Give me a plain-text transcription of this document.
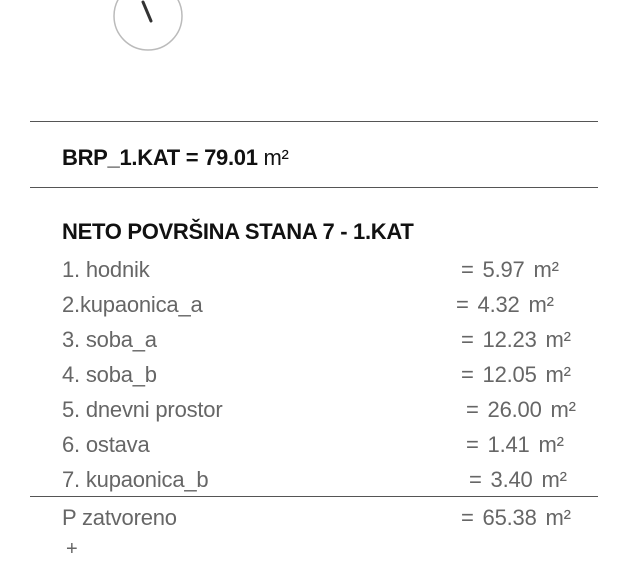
BRP_1.KAT = 79.01 m²
NETO POVRŠINA STANA 7 - 1.KAT
1. hodnik	= 5.97 m²
2.kupaonica_a	= 4.32 m²
3. soba_a	= 12.23 m²
4. soba_b	= 12.05 m²
5. dnevni prostor	= 26.00 m²
6. ostava	= 1.41 m²
7. kupaonica_b	= 3.40 m²
P zatvoreno	= 65.38 m²
+
